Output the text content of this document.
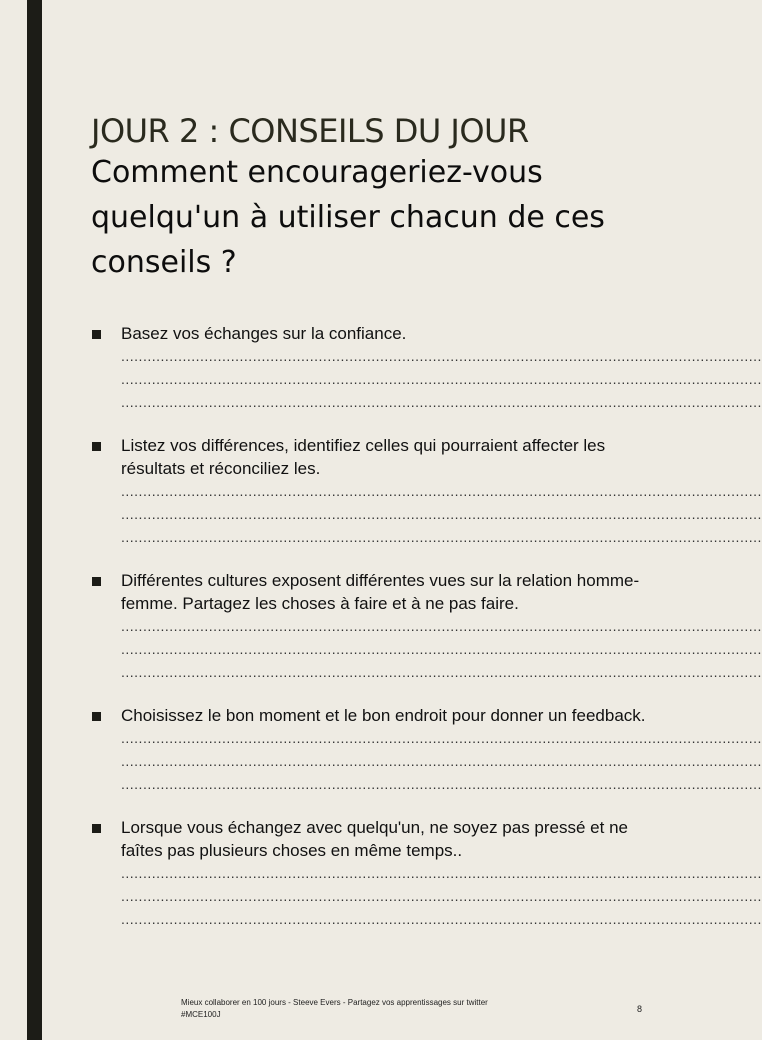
JOUR 2 : CONSEILS DU JOUR
Comment encourageriez-vous quelqu'un à utiliser chacun de ces conseils ?
Basez vos échanges sur la confiance.
..................................................................................................................................................
..................................................................................................................................................
..................................................................................................................................................
Listez vos différences, identifiez celles qui pourraient affecter les résultats et réconciliez les.
..................................................................................................................................................
..................................................................................................................................................
..................................................................................................................................................
Différentes cultures exposent différentes vues sur la relation homme-femme. Partagez les choses à faire et à ne pas faire.
..................................................................................................................................................
..................................................................................................................................................
..................................................................................................................................................
Choisissez le bon moment et le bon endroit pour donner un feedback.
..................................................................................................................................................
..................................................................................................................................................
..................................................................................................................................................
Lorsque vous échangez avec quelqu'un, ne soyez pas pressé et ne faîtes pas plusieurs choses en même temps..
..................................................................................................................................................
..................................................................................................................................................
..................................................................................................................................................
Mieux collaborer en 100 jours - Steeve Evers - Partagez vos apprentissages sur twitter #MCE100J
8
